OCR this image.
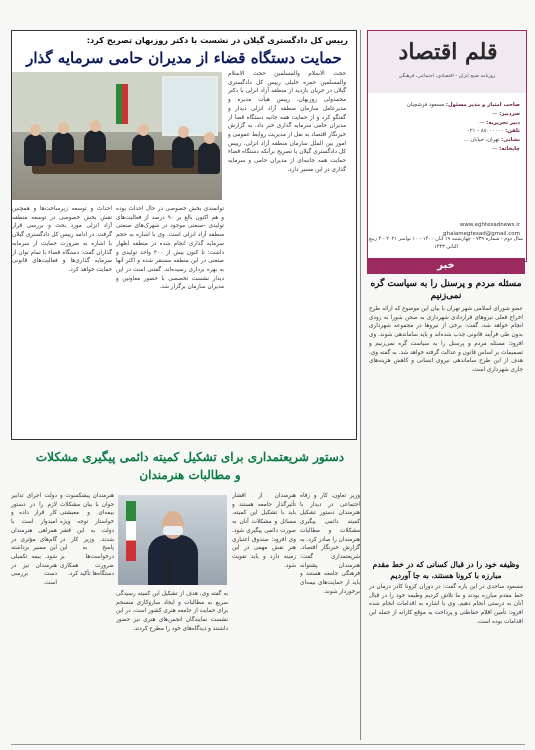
رییس کل دادگستری گیلان در نشست با دکتر روزبهان تصریح کرد:
حمایت دستگاه قضاء از مدیران حامی سرمایه گذار
حجت الاسلام والمسلمین حجت الاسلام والمسلمین حمزه خلیلی رییس کل دادگستری گیلان در جریان بازدید از منطقه آزاد انزلی با دکتر محمدولی روزبهان، رییس هیأت مدیره و مدیرعامل سازمان منطقه آزاد انزلی دیدار و گفتگو کرد و از حمایت همه جانبه دستگاه قضا از مدیران حامی سرمایه گذاری خبر داد. به گزارش خبرنگار اقتصاد به نقل از مدیریت روابط عمومی و امور بین الملل سازمان منطقه آزاد انزلی، رییس کل دادگستری گیلان با تصریح برآنکه دستگاه قضاء حمایت همه جانبه‌ای از مدیران حامی و سرمایه گذاری در این مسیر دارد.
توانمندی بخش خصوصی در حال احداث بوده و هم اکنون بالغ بر ۹۰ درصد از فعالیت‌های تولیدی -صنعتی موجود در شهرک‌های صنعتی منطقه آزاد انزلی است. وی با اشاره به حجم سرمایه گذاری انجام شده در منطقه اظهار داشت: تا کنون بیش از ۳۰۰ واحد تولیدی و صنعتی در این منطقه مستقر شده و اکثر آنها به بهره برداری رسیده‌اند. گفتنی است در این دیدار نشست تخصصی با حضور معاونین و مدیران سازمان برگزار شد.
احداث و توسعه زیرساخت‌ها و همچنین نقش بخش خصوصی در توسعه منطقه آزاد انزلی مورد بحث و بررسی قرار گرفت. در ادامه رییس کل دادگستری گیلان با اشاره به ضرورت حمایت از سرمایه گذاران گفت: دستگاه قضاء با تمام توان از سرمایه گذاری‌ها و فعالیت‌های قانونی حمایت خواهد کرد.
دستور شریعتمداری برای تشکیل کمیته دائمی پیگیری مشکلات
و مطالبات هنرمندان
وزیر تعاون، کار و رفاه اجتماعی در دیدار با هنرمندان دستور تشکیل کمیته دائمی پیگیری مشکلات و مطالبات هنرمندان را صادر کرد. به گزارش خبرنگار اقتصاد، شریعتمداری گفت: هنرمندان پشتوانه فرهنگی جامعه هستند و باید از حمایت‌های بیمه‌ای برخوردار شوند.
هنرمندان از اقشار تأثیرگذار جامعه هستند و باید با تشکیل این کمیته، مسائل و مشکلات آنان به صورت دائمی پیگیری شود. وی افزود: صندوق اعتباری هنر نقش مهمی در این زمینه دارد و باید تقویت شود.
به گفته وی، هدف از تشکیل این کمیته رسیدگی سریع به مطالبات و ایجاد سازوکاری منسجم برای حمایت از جامعه هنری کشور است. در این نشست نمایندگان انجمن‌های هنری نیز حضور داشتند و دیدگاه‌های خود را مطرح کردند.
هنرمندان پیشکسوت و جوان با بیان مشکلات بیمه‌ای و معیشتی خواستار توجه ویژه دولت به این قشر شدند. وزیر کار در پاسخ به این درخواست‌ها بر ضرورت همکاری دستگاه‌ها تأکید کرد.
دولت اجرای تدابیر لازم را در دستور کار قرار داده و امیدوار است با همراهی هنرمندان گام‌های مؤثری در این مسیر برداشته شود. بیمه تکمیلی هنرمندان نیز در دست بررسی است.
قلم اقتصاد
روزنامه صبح ایران - اقتصادی، اجتماعی، فرهنگی
صاحب امتیاز و مدیر مسئول: مسعود فرشچیان
سردبیر: —
دبیر تحریریه: —
تلفن: ۸۸۰۰۰۰۰۰ - ۰۲۱
نشانی: تهران، خیابان ...
چاپخانه: —
www.eghtesadnews.ir
ghalamegtesad@gmail.com
سال دوم - شماره ۷۳۹ - چهارشنبه ۱۹ آبان ۱۴۰۰ - ۱۰ نوامبر ۲۰۲۱ - ۴ ربیع الثانی ۱۴۴۳
خبر
مسئله مردم و پرسنل را به سیاست گره نمی‌زنیم
عضو شورای اسلامی شهر تهران با بیان این موضوع که ارائه طرح اخراج فعلی نیروهای قراردادی شهرداری به صحن شورا به زودی انجام خواهد شد، گفت: برخی از نیروها در مجموعه شهرداری بدون طی فرآیند قانونی جذب شده‌اند و باید ساماندهی شوند. وی افزود: مسئله مردم و پرسنل را به سیاست گره نمی‌زنیم و تصمیمات بر اساس قانون و عدالت گرفته خواهد شد. به گفته وی، هدف از این طرح ساماندهی نیروی انسانی و کاهش هزینه‌های جاری شهرداری است.
وظیفه خود را در قبال کسانی که در خط مقدم مبارزه با کرونا هستند، به جا آوردیم
مسعود ساجدی در این باره گفت: در دوران کرونا کادر درمان در خط مقدم مبارزه بودند و ما تلاش کردیم وظیفه خود را در قبال آنان به درستی انجام دهیم. وی با اشاره به اقدامات انجام شده افزود: تأمین اقلام حفاظتی و پرداخت به موقع کارانه از جمله این اقدامات بوده است.
